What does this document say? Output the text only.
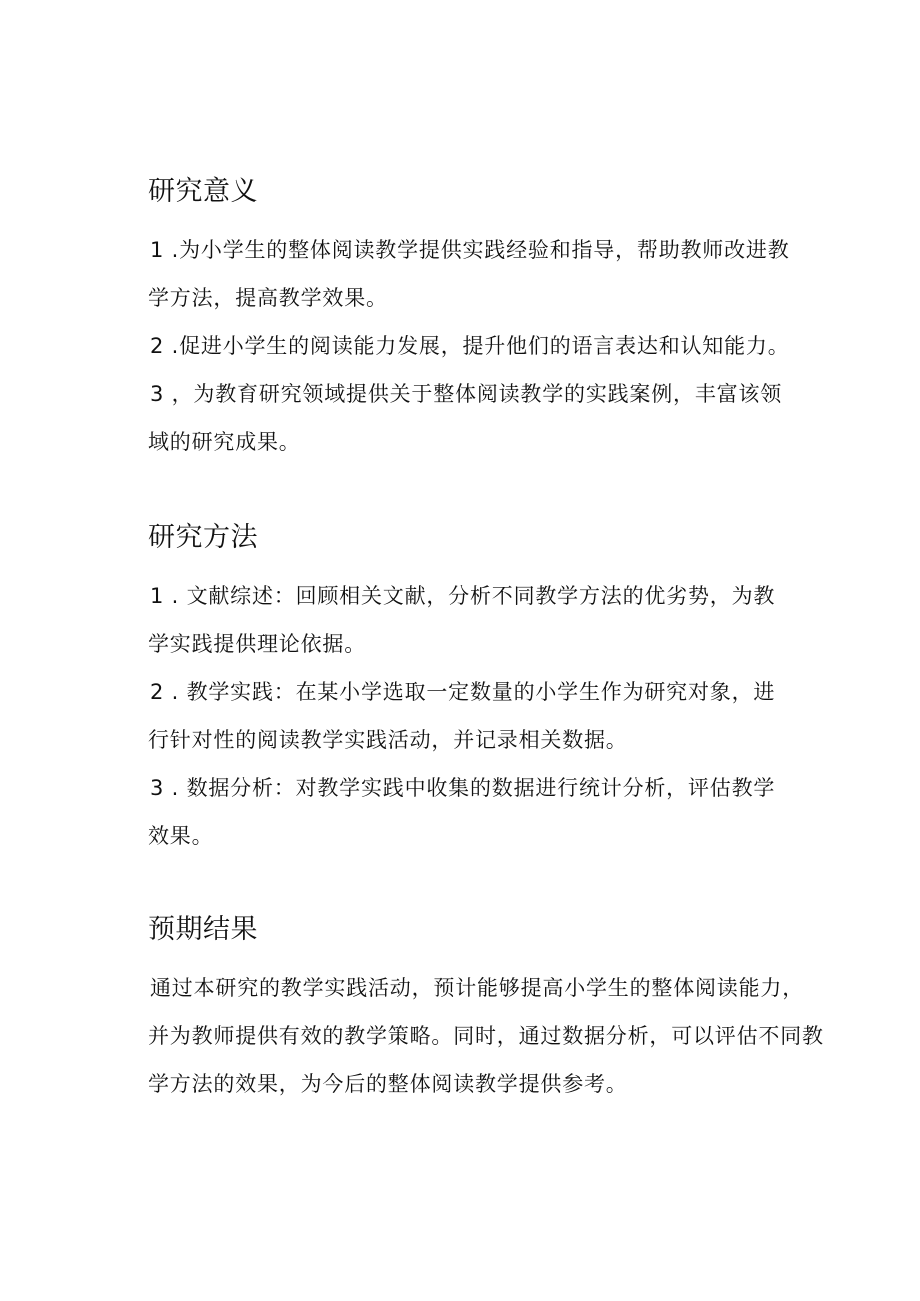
研究意义
1 .为小学生的整体阅读教学提供实践经验和指导，帮助教师改进教
学方法，提高教学效果。
2 .促进小学生的阅读能力发展，提升他们的语言表达和认知能力。
3 ，为教育研究领域提供关于整体阅读教学的实践案例，丰富该领
域的研究成果。
研究方法
1 . 文献综述：回顾相关文献，分析不同教学方法的优劣势，为教
学实践提供理论依据。
2 . 教学实践：在某小学选取一定数量的小学生作为研究对象，进
行针对性的阅读教学实践活动，并记录相关数据。
3 . 数据分析：对教学实践中收集的数据进行统计分析，评估教学
效果。
预期结果
通过本研究的教学实践活动，预计能够提高小学生的整体阅读能力，
并为教师提供有效的教学策略。同时，通过数据分析，可以评估不同教
学方法的效果，为今后的整体阅读教学提供参考。
